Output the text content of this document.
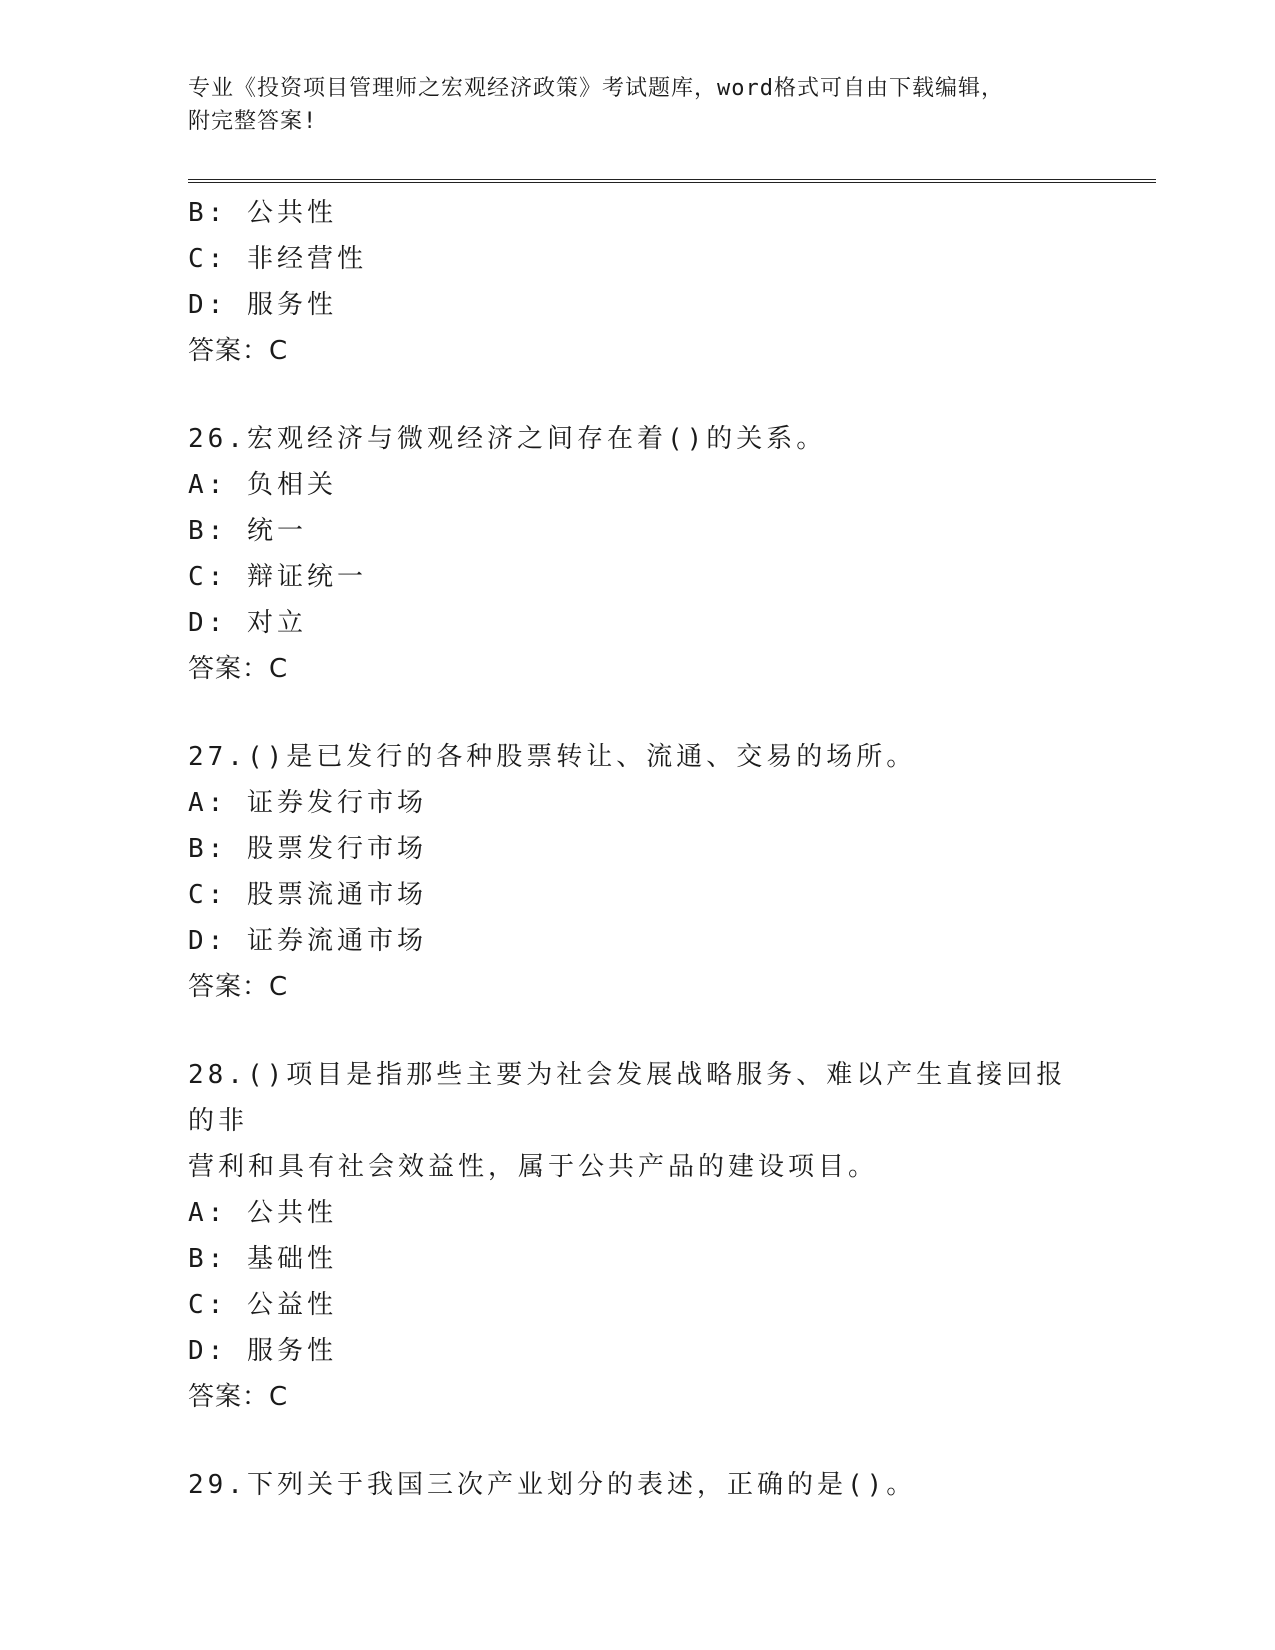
专业《投资项目管理师之宏观经济政策》考试题库，word格式可自由下载编辑，
附完整答案!
B: 公共性
C: 非经营性
D: 服务性
答案：C
26.宏观经济与微观经济之间存在着()的关系。
A: 负相关
B: 统一
C: 辩证统一
D: 对立
答案：C
27.()是已发行的各种股票转让、流通、交易的场所。
A: 证券发行市场
B: 股票发行市场
C: 股票流通市场
D: 证券流通市场
答案：C
28.()项目是指那些主要为社会发展战略服务、难以产生直接回报的非
营利和具有社会效益性，属于公共产品的建设项目。
A: 公共性
B: 基础性
C: 公益性
D: 服务性
答案：C
29.下列关于我国三次产业划分的表述，正确的是()。
